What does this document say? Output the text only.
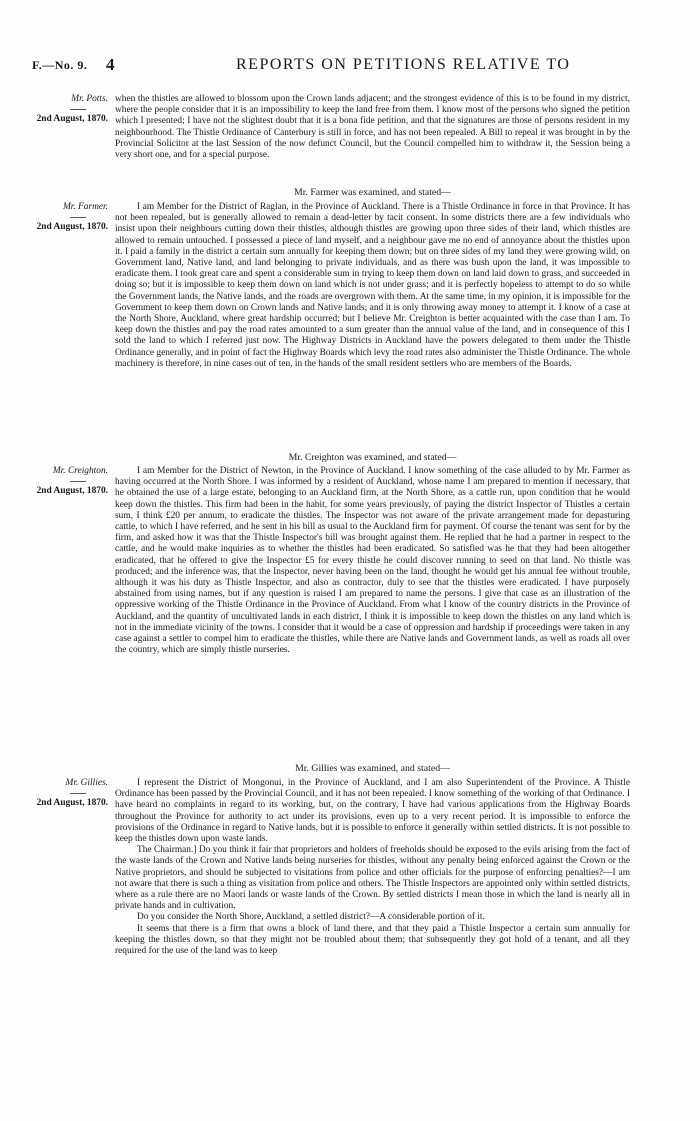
F.—No. 9. 4	REPORTS ON PETITIONS RELATIVE TO
Mr. Potts.
2nd August, 1870.

when the thistles are allowed to blossom upon the Crown lands adjacent; and the strongest evidence of this is to be found in my district, where the people consider that it is an impossibility to keep the land free from them. I know most of the persons who signed the petition which I presented; I have not the slightest doubt that it is a bona fide petition, and that the signatures are those of persons resident in my neighbourhood. The Thistle Ordinance of Canterbury is still in force, and has not been repealed. A Bill to repeal it was brought in by the Provincial Solicitor at the last Session of the now defunct Council, but the Council compelled him to withdraw it, the Session being a very short one, and for a special purpose.

Mr. Farmer was examined, and stated—
Mr. Farmer.
2nd August, 1870.

I am Member for the District of Raglan, in the Province of Auckland. There is a Thistle Ordinance in force in that Province. It has not been repealed, but is generally allowed to remain a dead-letter by tacit consent. In some districts there are a few individuals who insist upon their neighbours cutting down their thistles, although thistles are growing upon three sides of their land, which thistles are allowed to remain untouched. I possessed a piece of land myself, and a neighbour gave me no end of annoyance about the thistles upon it. I paid a family in the district a certain sum annually for keeping them down; but on three sides of my land they were growing wild, on Government land, Native land, and land belonging to private individuals, and as there was bush upon the land, it was impossible to eradicate them. I took great care and spent a considerable sum in trying to keep them down on land laid down to grass, and succeeded in doing so; but it is impossible to keep them down on land which is not under grass; and it is perfectly hopeless to attempt to do so while the Government lands, the Native lands, and the roads are overgrown with them. At the same time, in my opinion, it is impossible for the Government to keep them down on Crown lands and Native lands; and it is only throwing away money to attempt it. I know of a case at the North Shore, Auckland, where great hardship occurred; but I believe Mr. Creighton is better acquainted with the case than I am. To keep down the thistles and pay the road rates amounted to a sum greater than the annual value of the land, and in consequence of this I sold the land to which I referred just now. The Highway Districts in Auckland have the powers delegated to them under the Thistle Ordinance generally, and in point of fact the Highway Boards which levy the road rates also administer the Thistle Ordinance. The whole machinery is therefore, in nine cases out of ten, in the hands of the small resident settlers who are members of the Boards.

Mr. Creighton was examined, and stated—
Mr. Creighton.
2nd August, 1870.

I am Member for the District of Newton, in the Province of Auckland. I know something of the case alluded to by Mr. Farmer as having occurred at the North Shore. I was informed by a resident of Auckland, whose name I am prepared to mention if necessary, that he obtained the use of a large estate, belonging to an Auckland firm, at the North Shore, as a cattle run, upon condition that he would keep down the thistles. This firm had been in the habit, for some years previously, of paying the district Inspector of Thistles a certain sum, I think £20 per annum, to eradicate the thistles. The Inspector was not aware of the private arrangement made for depasturing cattle, to which I have referred, and he sent in his bill as usual to the Auckland firm for payment. Of course the tenant was sent for by the firm, and asked how it was that the Thistle Inspector's bill was brought against them. He replied that he had a partner in respect to the cattle, and he would make inquiries as to whether the thistles had been eradicated. So satisfied was he that they had been altogether eradicated, that he offered to give the Inspector £5 for every thistle he could discover running to seed on that land. No thistle was produced; and the inference was, that the Inspector, never having been on the land, thought he would get his annual fee without trouble, although it was his duty as Thistle Inspector, and also as contractor, duly to see that the thistles were eradicated. I have purposely abstained from using names, but if any question is raised I am prepared to name the persons. I give that case as an illustration of the oppressive working of the Thistle Ordinance in the Province of Auckland. From what I know of the country districts in the Province of Auckland, and the quantity of uncultivated lands in each district, I think it is impossible to keep down the thistles on any land which is not in the immediate vicinity of the towns. I consider that it would be a case of oppression and hardship if proceedings were taken in any case against a settler to compel him to eradicate the thistles, while there are Native lands and Government lands, as well as roads all over the country, which are simply thistle nurseries.

Mr. Gillies was examined, and stated—
Mr. Gillies.
2nd August, 1870.

I represent the District of Mongonui, in the Province of Auckland, and I am also Superintendent of the Province. A Thistle Ordinance has been passed by the Provincial Council, and it has not been repealed. I know something of the working of that Ordinance. I have heard no complaints in regard to its working, but, on the contrary, I have had various applications from the Highway Boards throughout the Province for authority to act under its provisions, even up to a very recent period. It is impossible to enforce the provisions of the Ordinance in regard to Native lands, but it is possible to enforce it generally within settled districts. It is not possible to keep the thistles down upon waste lands.

The Chairman.] Do you think it fair that proprietors and holders of freeholds should be exposed to the evils arising from the fact of the waste lands of the Crown and Native lands being nurseries for thistles, without any penalty being enforced against the Crown or the Native proprietors, and should be subjected to visitations from police and other officials for the purpose of enforcing penalties?—I am not aware that there is such a thing as visitation from police and others. The Thistle Inspectors are appointed only within settled districts, where as a rule there are no Maori lands or waste lands of the Crown. By settled districts I mean those in which the land is nearly all in private hands and in cultivation.

Do you consider the North Shore, Auckland, a settled district?—A considerable portion of it.

It seems that there is a firm that owns a block of land there, and that they paid a Thistle Inspector a certain sum annually for keeping the thistles down, so that they might not be troubled about them; that subsequently they got hold of a tenant, and all they required for the use of the land was to keep
